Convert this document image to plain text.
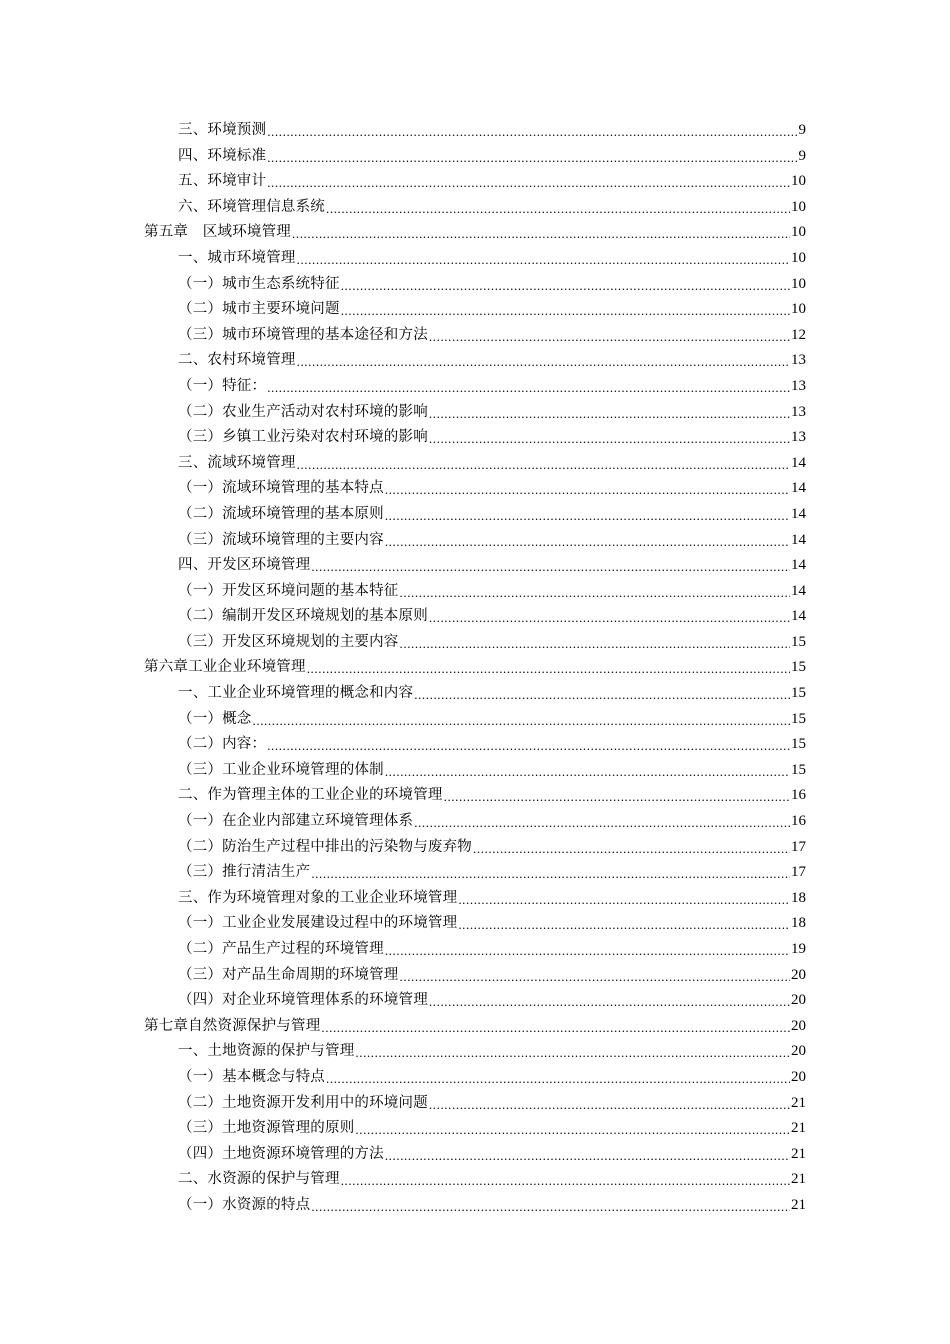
三、环境预测 .....	9
四、环境标准 .....	9
五、环境审计 .....	10
六、环境管理信息系统 .....	10
第五章　区域环境管理 .....	10
一、城市环境管理 .....	10
（一）城市生态系统特征 .....	10
（二）城市主要环境问题 .....	10
（三）城市环境管理的基本途径和方法 .....	12
二、农村环境管理 .....	13
（一）特征： .....	13
（二）农业生产活动对农村环境的影响 .....	13
（三）乡镇工业污染对农村环境的影响 .....	13
三、流域环境管理 .....	14
（一）流域环境管理的基本特点 .....	14
（二）流域环境管理的基本原则 .....	14
（三）流域环境管理的主要内容 .....	14
四、开发区环境管理 .....	14
（一）开发区环境问题的基本特征 .....	14
（二）编制开发区环境规划的基本原则 .....	14
（三）开发区环境规划的主要内容 .....	15
第六章工业企业环境管理 .....	15
一、工业企业环境管理的概念和内容 .....	15
（一）概念 .....	15
（二）内容： .....	15
（三）工业企业环境管理的体制 .....	15
二、作为管理主体的工业企业的环境管理 .....	16
（一）在企业内部建立环境管理体系 .....	16
（二）防治生产过程中排出的污染物与废弃物 .....	17
（三）推行清洁生产 .....	17
三、作为环境管理对象的工业企业环境管理 .....	18
（一）工业企业发展建设过程中的环境管理 .....	18
（二）产品生产过程的环境管理 .....	19
（三）对产品生命周期的环境管理 .....	20
（四）对企业环境管理体系的环境管理 .....	20
第七章自然资源保护与管理 .....	20
一、土地资源的保护与管理 .....	20
（一）基本概念与特点 .....	20
（二）土地资源开发利用中的环境问题 .....	21
（三）土地资源管理的原则 .....	21
（四）土地资源环境管理的方法 .....	21
二、水资源的保护与管理 .....	21
（一）水资源的特点 .....	21
